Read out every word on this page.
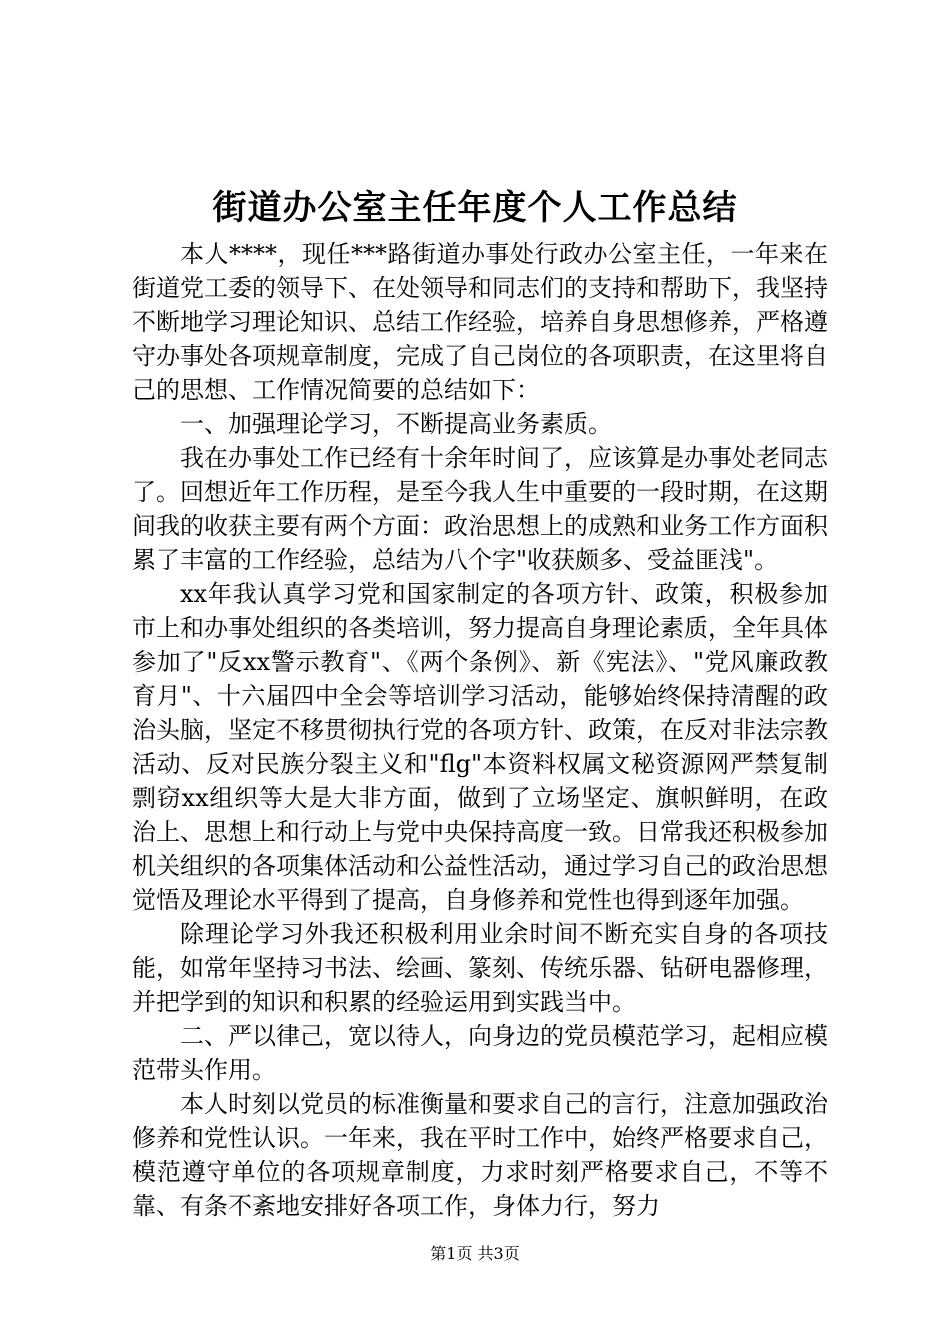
街道办公室主任年度个人工作总结

本人****，现任***路街道办事处行政办公室主任，一年来在街道党工委的领导下、在处领导和同志们的支持和帮助下，我坚持不断地学习理论知识、总结工作经验，培养自身思想修养，严格遵守办事处各项规章制度，完成了自己岗位的各项职责，在这里将自己的思想、工作情况简要的总结如下：

一、加强理论学习，不断提高业务素质。

我在办事处工作已经有十余年时间了，应该算是办事处老同志了。回想近年工作历程，是至今我人生中重要的一段时期，在这期间我的收获主要有两个方面：政治思想上的成熟和业务工作方面积累了丰富的工作经验，总结为八个字"收获颇多、受益匪浅"。

xx年我认真学习党和国家制定的各项方针、政策，积极参加市上和办事处组织的各类培训，努力提高自身理论素质，全年具体参加了"反xx警示教育"、《两个条例》、新《宪法》、"党风廉政教育月"、十六届四中全会等培训学习活动，能够始终保持清醒的政治头脑，坚定不移贯彻执行党的各项方针、政策，在反对非法宗教活动、反对民族分裂主义和"flg"本资料权属文秘资源网严禁复制剽窃xx组织等大是大非方面，做到了立场坚定、旗帜鲜明，在政治上、思想上和行动上与党中央保持高度一致。日常我还积极参加机关组织的各项集体活动和公益性活动，通过学习自己的政治思想觉悟及理论水平得到了提高，自身修养和党性也得到逐年加强。

除理论学习外我还积极利用业余时间不断充实自身的各项技能，如常年坚持习书法、绘画、篆刻、传统乐器、钻研电器修理，并把学到的知识和积累的经验运用到实践当中。

二、严以律己，宽以待人，向身边的党员模范学习，起相应模范带头作用。

本人时刻以党员的标准衡量和要求自己的言行，注意加强政治修养和党性认识。一年来，我在平时工作中，始终严格要求自己，模范遵守单位的各项规章制度，力求时刻严格要求自己，不等不靠、有条不紊地安排好各项工作，身体力行，努力

第1页 共3页
